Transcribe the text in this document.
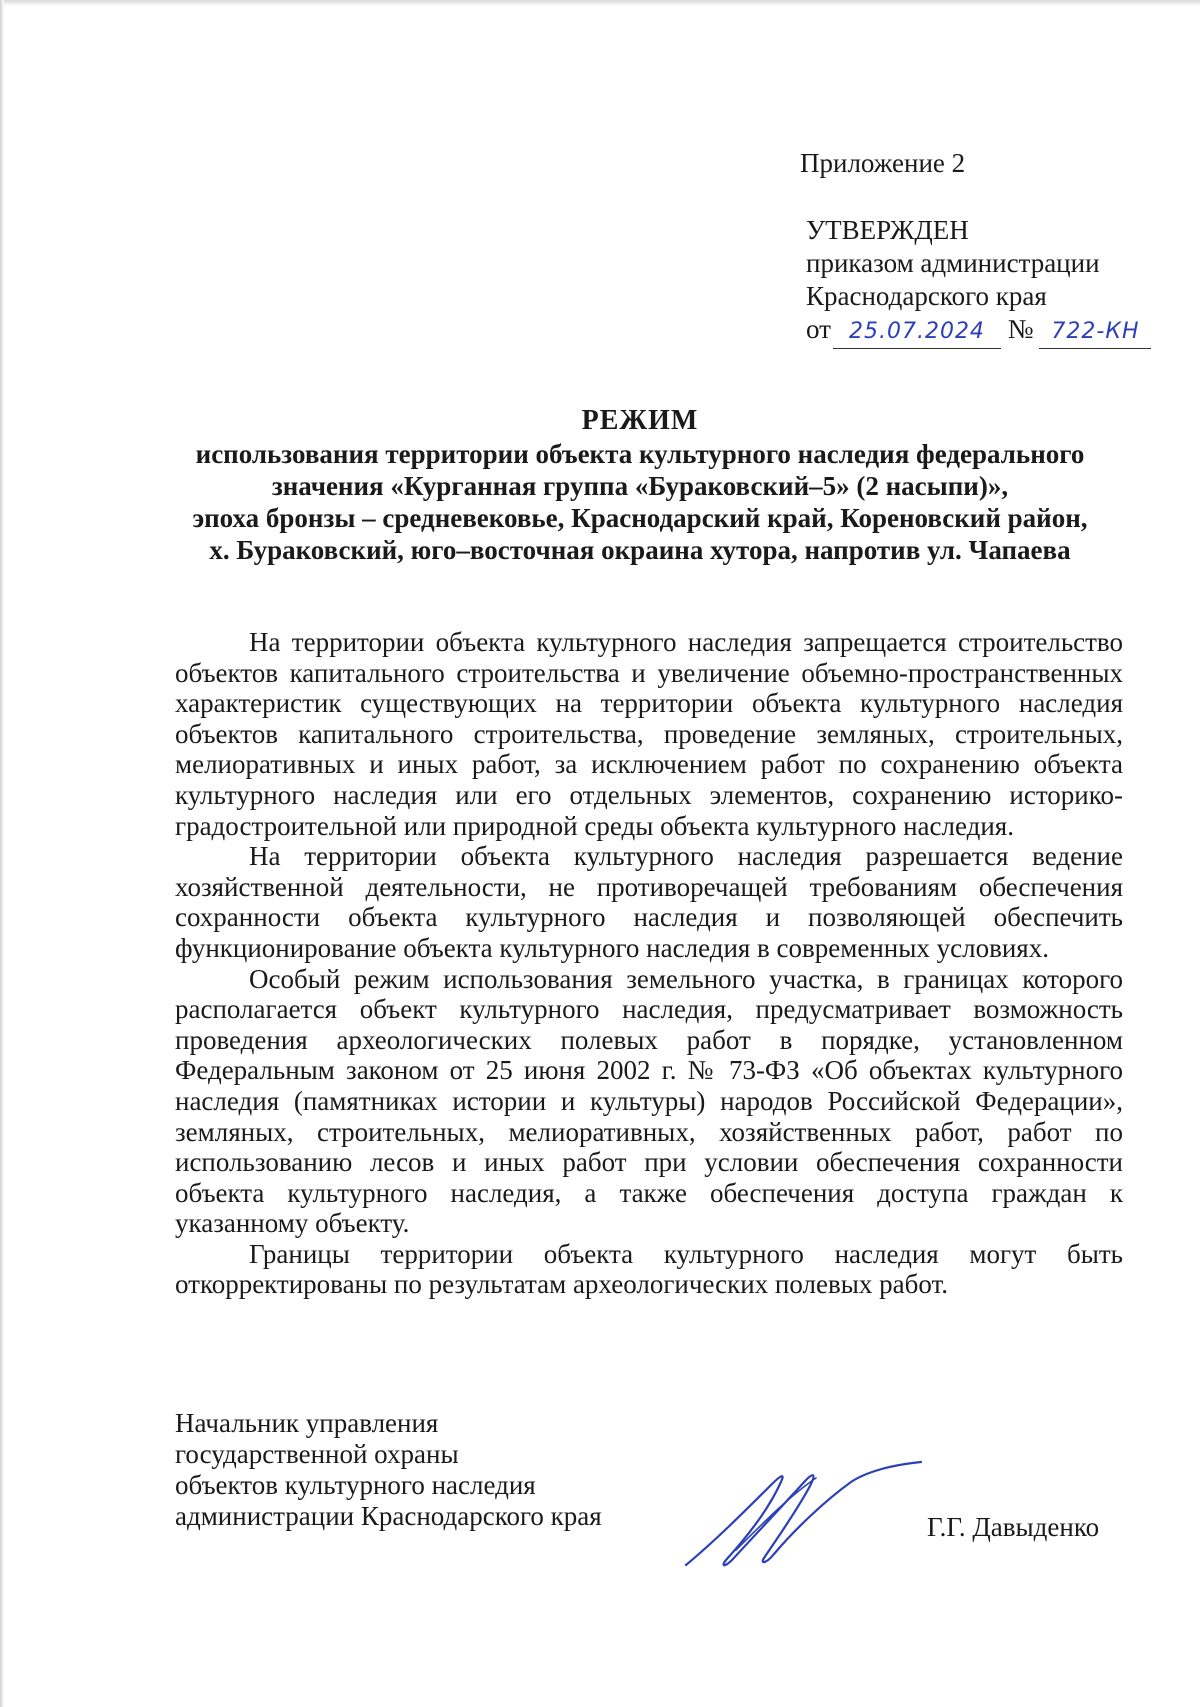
Приложение 2
УТВЕРЖДЕН
приказом администрации
Краснодарского края
от 25.07.2024 № 722-КН
РЕЖИМ
использования территории объекта культурного наследия федерального
значения «Курганная группа «Бураковский–5» (2 насыпи)»,
эпоха бронзы – средневековье, Краснодарский край, Кореновский район,
х. Бураковский, юго–восточная окраина хутора, напротив ул. Чапаева

На территории объекта культурного наследия запрещается строительство объектов капитального строительства и увеличение объемно-пространственных характеристик существующих на территории объекта культурного наследия объектов капитального строительства, проведение земляных, строительных, мелиоративных и иных работ, за исключением работ по сохранению объекта культурного наследия или его отдельных элементов, сохранению историко-градостроительной или природной среды объекта культурного наследия.

На территории объекта культурного наследия разрешается ведение хозяйственной деятельности, не противоречащей требованиям обеспечения сохранности объекта культурного наследия и позволяющей обеспечить функционирование объекта культурного наследия в современных условиях.

Особый режим использования земельного участка, в границах которого располагается объект культурного наследия, предусматривает возможность проведения археологических полевых работ в порядке, установленном Федеральным законом от 25 июня 2002 г. № 73-ФЗ «Об объектах культурного наследия (памятниках истории и культуры) народов Российской Федерации», земляных, строительных, мелиоративных, хозяйственных работ, работ по использованию лесов и иных работ при условии обеспечения сохранности объекта культурного наследия, а также обеспечения доступа граждан к указанному объекту.

Границы территории объекта культурного наследия могут быть откорректированы по результатам археологических полевых работ.

Начальник управления
государственной охраны
объектов культурного наследия
администрации Краснодарского края	Г.Г. Давыденко
